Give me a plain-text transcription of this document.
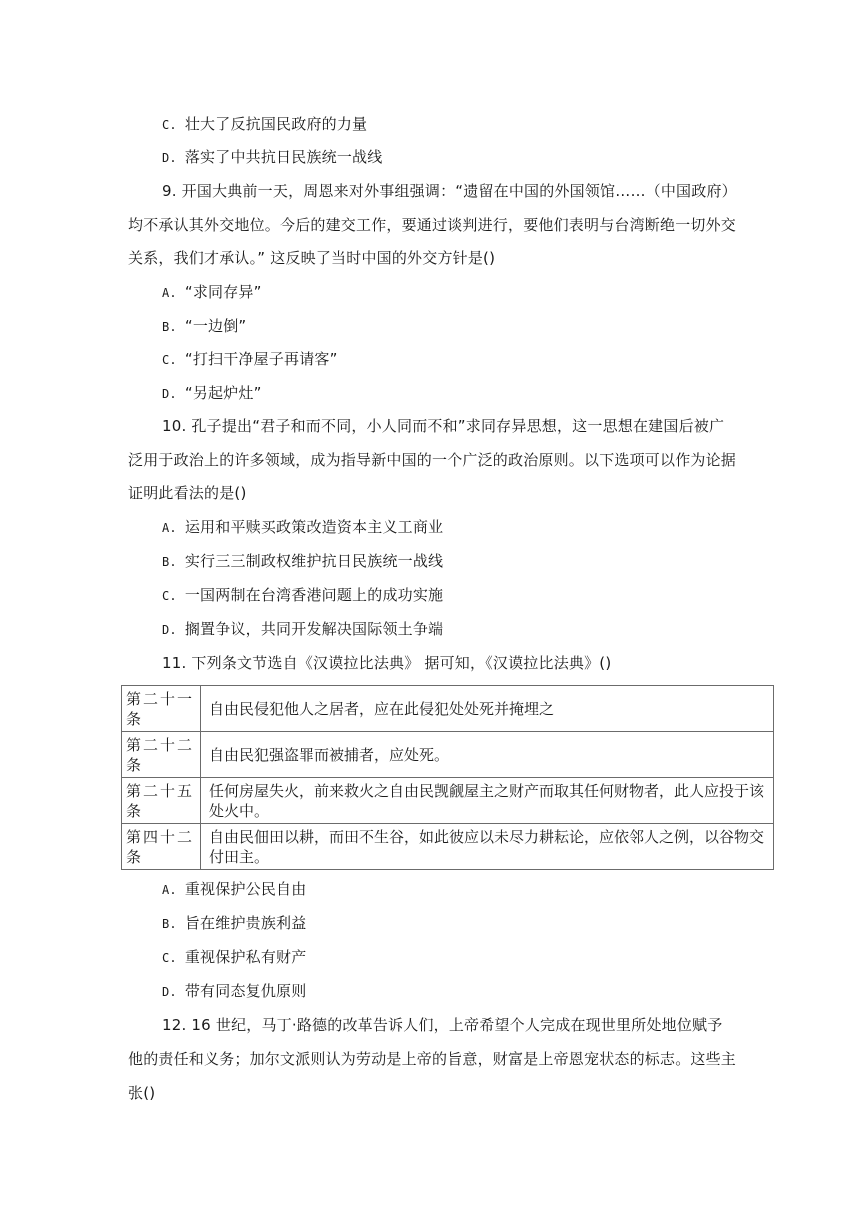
C. 壮大了反抗国民政府的力量
D. 落实了中共抗日民族统一战线
9. 开国大典前一天，周恩来对外事组强调：“遗留在中国的外国领馆……（中国政府）
均不承认其外交地位。今后的建交工作，要通过谈判进行，要他们表明与台湾断绝一切外交
关系，我们才承认。” 这反映了当时中国的外交方针是()
A. “求同存异”
B. “一边倒”
C. “打扫干净屋子再请客”
D. “另起炉灶”
10. 孔子提出“君子和而不同，小人同而不和”求同存异思想，这一思想在建国后被广
泛用于政治上的许多领域，成为指导新中国的一个广泛的政治原则。以下选项可以作为论据
证明此看法的是()
A. 运用和平赎买政策改造资本主义工商业
B. 实行三三制政权维护抗日民族统一战线
C. 一国两制在台湾香港问题上的成功实施
D. 搁置争议，共同开发解决国际领土争端
11. 下列条文节选自《汉谟拉比法典》 据可知，《汉谟拉比法典》()
第二十一条	自由民侵犯他人之居者，应在此侵犯处处死并掩埋之
第二十二条	自由民犯强盗罪而被捕者，应处死。
第二十五条	任何房屋失火，前来救火之自由民觊觎屋主之财产而取其任何财物者，此人应投于该处火中。
第四十二条	自由民佃田以耕，而田不生谷，如此彼应以未尽力耕耘论，应依邻人之例，以谷物交付田主。
A. 重视保护公民自由
B. 旨在维护贵族利益
C. 重视保护私有财产
D. 带有同态复仇原则
12. 16 世纪，马丁·路德的改革告诉人们，上帝希望个人完成在现世里所处地位赋予
他的责任和义务；加尔文派则认为劳动是上帝的旨意，财富是上帝恩宠状态的标志。这些主
张()
